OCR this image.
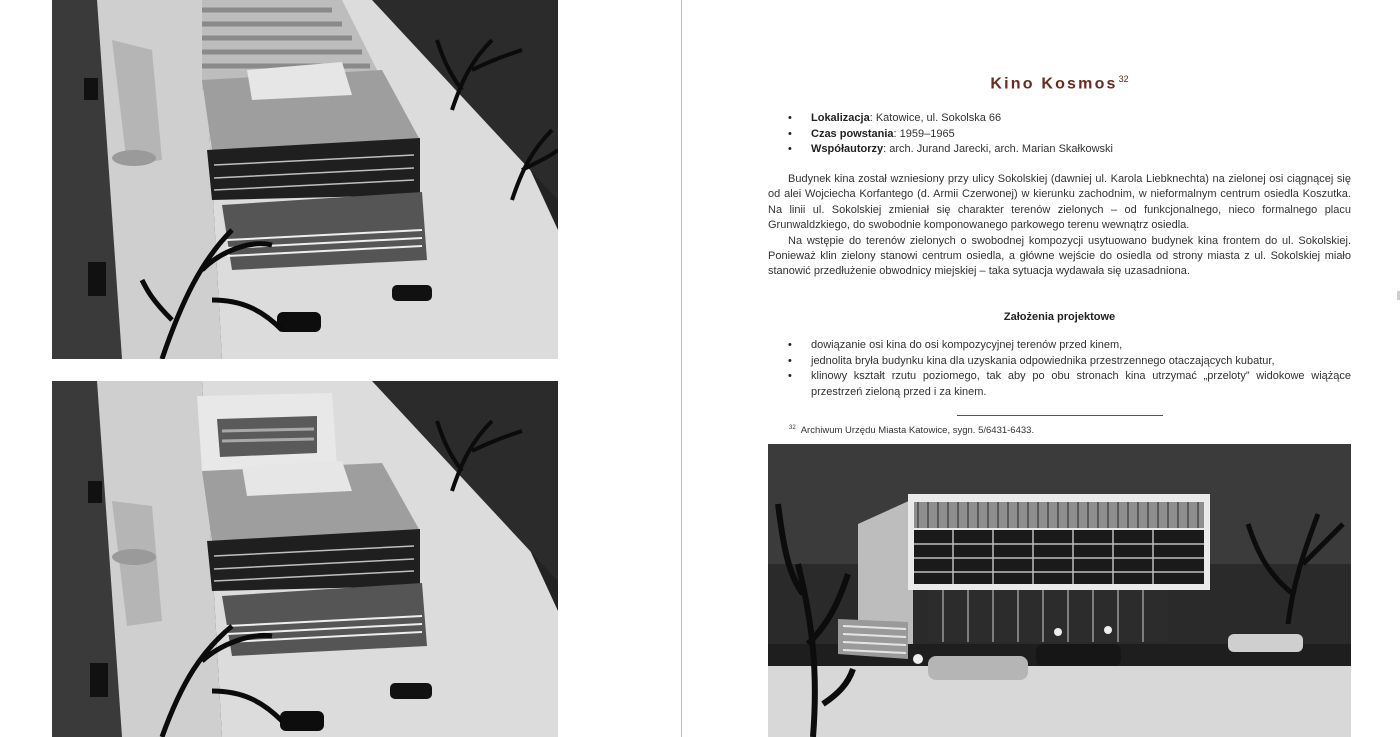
Kino Kosmos$^{32}$
• Lokalizacja: Katowice, ul. Sokolska 66
• Czas powstania: 1959–1965
• Współautorzy: arch. Jurand Jarecki, arch. Marian Skałkowski

Budynek kina został wzniesiony przy ulicy Sokolskiej (dawniej ul. Karola Liebknechta) na zielonej osi ciągnącej się od alei Wojciecha Korfantego (d. Armii Czerwonej) w kierunku zachodnim, w nieformalnym centrum osiedla Koszutka. Na linii ul. Sokolskiej zmieniał się charakter terenów zielonych – od funkcjonalnego, nieco formalnego placu Grunwaldzkiego, do swobodnie komponowanego parkowego terenu wewnątrz osiedla.

Na wstępie do terenów zielonych o swobodnej kompozycji usytuowano budynek kina frontem do ul. Sokolskiej. Ponieważ klin zielony stanowi centrum osiedla, a główne wejście do osiedla od strony miasta z ul. Sokolskiej miało stanowić przedłużenie obwodnicy miejskiej – taka sytuacja wydawała się uzasadniona.

Założenia projektowe
• dowiązanie osi kina do osi kompozycyjnej terenów przed kinem,
• jednolita bryła budynku kina dla uzyskania odpowiednika przestrzennego otaczających kubatur,
• klinowy kształt rzutu poziomego, tak aby po obu stronach kina utrzymać „przeloty” widokowe wiążące przestrzeń zieloną przed i za kinem.
$^{32}$ Archiwum Urzędu Miasta Katowice, sygn. 5/6431-6433.
